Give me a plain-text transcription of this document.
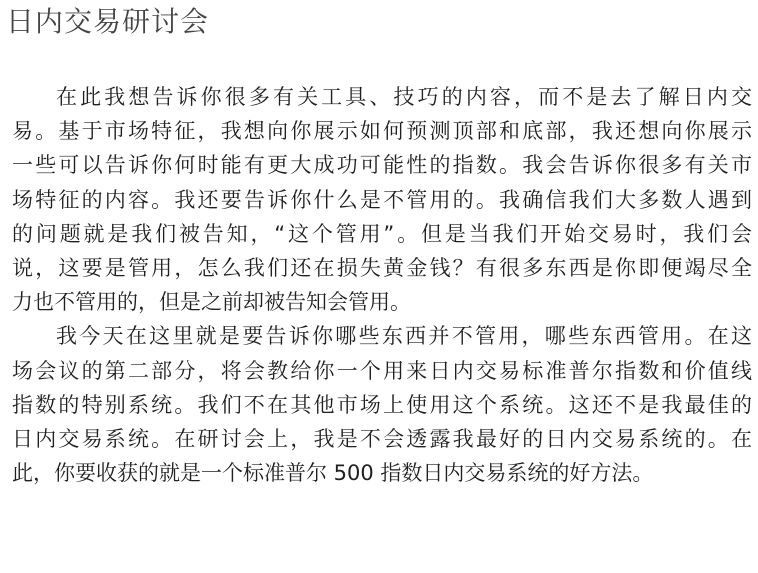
日内交易研讨会
在此我想告诉你很多有关工具、技巧的内容，而不是去了解日内交
易。基于市场特征，我想向你展示如何预测顶部和底部，我还想向你展示
一些可以告诉你何时能有更大成功可能性的指数。我会告诉你很多有关市
场特征的内容。我还要告诉你什么是不管用的。我确信我们大多数人遇到
的问题就是我们被告知，“这个管用”。但是当我们开始交易时，我们会
说，这要是管用，怎么我们还在损失黄金钱？有很多东西是你即便竭尽全
力也不管用的，但是之前却被告知会管用。
我今天在这里就是要告诉你哪些东西并不管用，哪些东西管用。在这
场会议的第二部分，将会教给你一个用来日内交易标准普尔指数和价值线
指数的特别系统。我们不在其他市场上使用这个系统。这还不是我最佳的
日内交易系统。在研讨会上，我是不会透露我最好的日内交易系统的。在
此，你要收获的就是一个标准普尔 500 指数日内交易系统的好方法。
